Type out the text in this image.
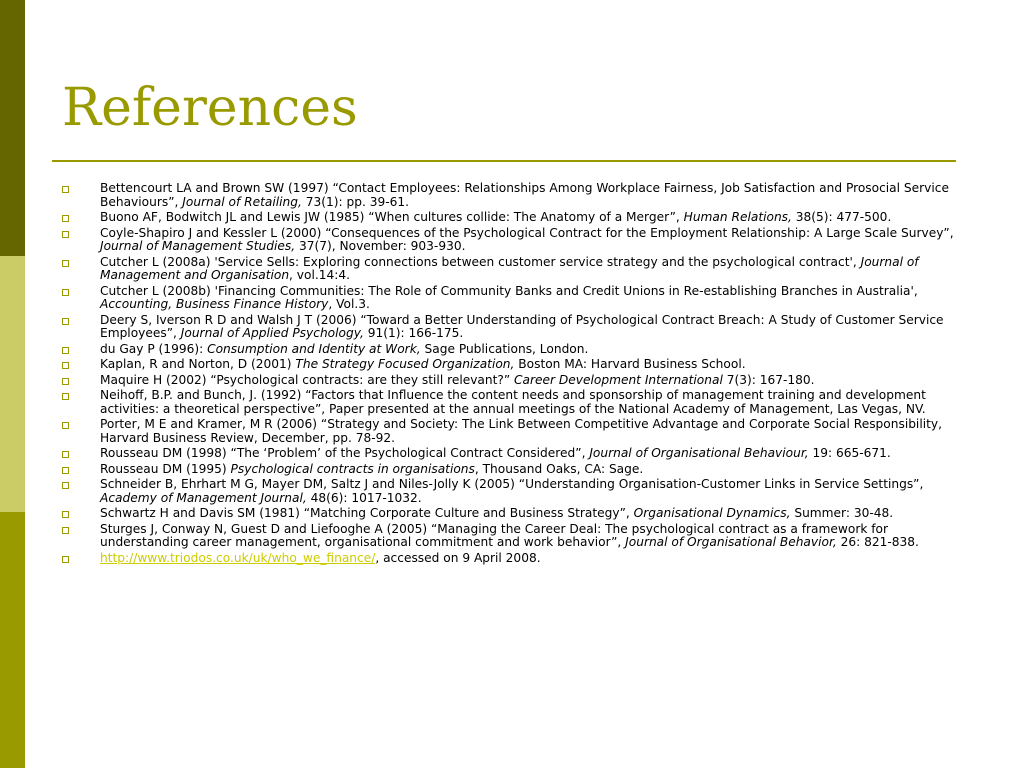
References
Bettencourt LA and Brown SW (1997) “Contact Employees: Relationships Among Workplace Fairness, Job Satisfaction and Prosocial Service Behaviours”, Journal of Retailing, 73(1): pp. 39-61.
Buono AF, Bodwitch JL and Lewis JW (1985) “When cultures collide: The Anatomy of a Merger”, Human Relations, 38(5): 477-500.
Coyle-Shapiro J and Kessler L (2000) “Consequences of the Psychological Contract for the Employment Relationship: A Large Scale Survey”, Journal of Management Studies, 37(7), November: 903-930.
Cutcher L (2008a) 'Service Sells: Exploring connections between customer service strategy and the psychological contract', Journal of Management and Organisation, vol.14:4.
Cutcher L (2008b) 'Financing Communities: The Role of Community Banks and Credit Unions in Re-establishing Branches in Australia', Accounting, Business Finance History, Vol.3.
Deery S, Iverson R D and Walsh J T (2006) “Toward a Better Understanding of Psychological Contract Breach: A Study of Customer Service Employees”, Journal of Applied Psychology, 91(1): 166-175.
du Gay P (1996): Consumption and Identity at Work, Sage Publications, London.
Kaplan, R and Norton, D (2001) The Strategy Focused Organization, Boston MA: Harvard Business School.
Maquire H (2002) “Psychological contracts: are they still relevant?” Career Development International 7(3): 167-180.
Neihoff, B.P. and Bunch, J. (1992) “Factors that Influence the content needs and sponsorship of management training and development activities: a theoretical perspective”, Paper presented at the annual meetings of the National Academy of Management, Las Vegas, NV.
Porter, M E and Kramer, M R (2006) “Strategy and Society: The Link Between Competitive Advantage and Corporate Social Responsibility, Harvard Business Review, December, pp. 78-92.
Rousseau DM (1998) “The ‘Problem’ of the Psychological Contract Considered”, Journal of Organisational Behaviour, 19: 665-671.
Rousseau DM (1995) Psychological contracts in organisations, Thousand Oaks, CA: Sage.
Schneider B, Ehrhart M G, Mayer DM, Saltz J and Niles-Jolly K (2005) “Understanding Organisation-Customer Links in Service Settings”, Academy of Management Journal, 48(6): 1017-1032.
Schwartz H and Davis SM (1981) “Matching Corporate Culture and Business Strategy”, Organisational Dynamics, Summer: 30-48.
Sturges J, Conway N, Guest D and Liefooghe A (2005) “Managing the Career Deal: The psychological contract as a framework for understanding career management, organisational commitment and work behavior”, Journal of Organisational Behavior, 26: 821-838.
http://www.triodos.co.uk/uk/who_we_finance/, accessed on 9 April 2008.
